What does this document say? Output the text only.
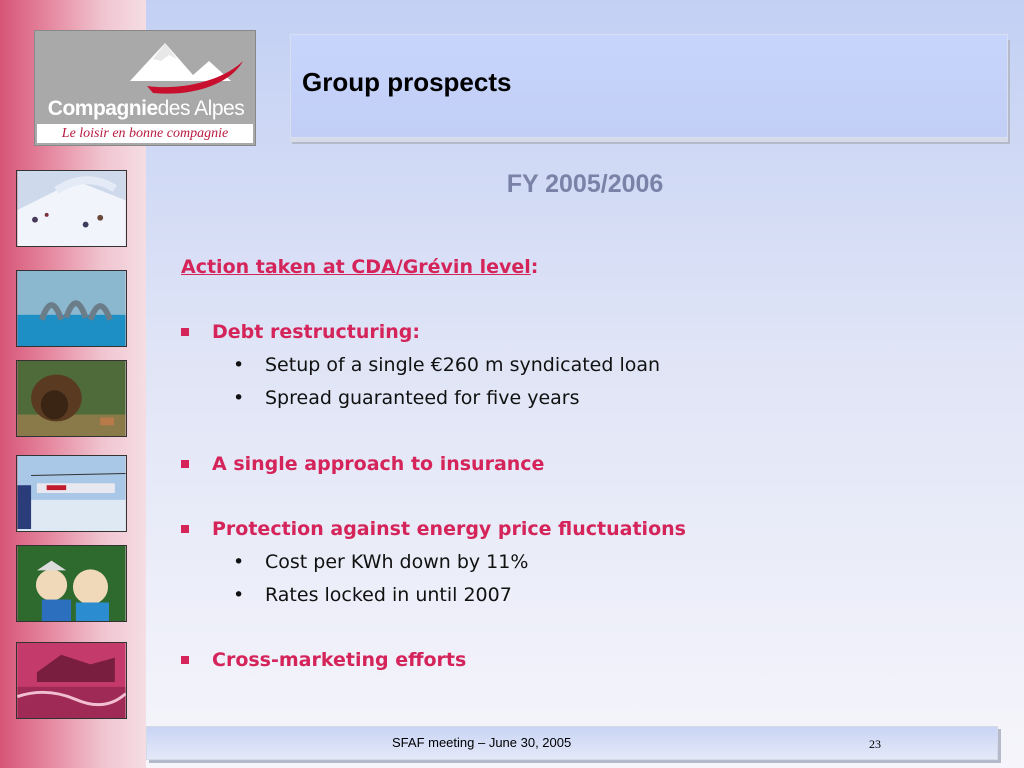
Compagniedes Alpes
Le loisir en bonne compagnie
Group prospects
FY 2005/2006
Action taken at CDA/Grévin level:
Debt restructuring:
• Setup of a single €260 m syndicated loan
• Spread guaranteed for five years
A single approach to insurance
Protection against energy price fluctuations
• Cost per KWh down by 11%
• Rates locked in until 2007
Cross-marketing efforts
SFAF meeting – June 30, 2005	23
